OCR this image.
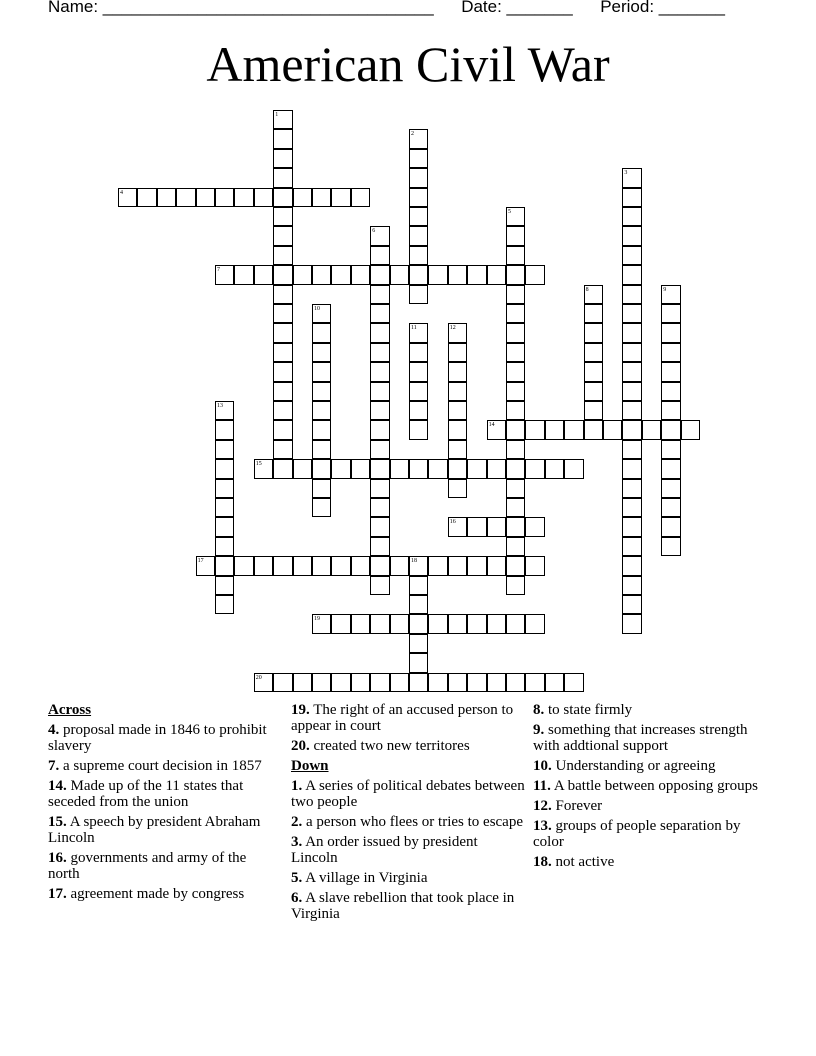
Name: ___________________________________ Date: _______ Period: _______
American Civil War
1
2
3
4
5
6
7
8	9
10
11	12
13
14
15
16
17	18
19
20
Across
4. proposal made in 1846 to prohibit slavery
7. a supreme court decision in 1857
14. Made up of the 11 states that seceded from the union
15. A speech by president Abraham Lincoln
16. governments and army of the north
17. agreement made by congress
19. The right of an accused person to appear in court
20. created two new territores
Down
1. A series of political debates between two people
2. a person who flees or tries to escape
3. An order issued by president Lincoln
5. A village in Virginia
6. A slave rebellion that took place in Virginia
8. to state firmly
9. something that increases strength with addtional support
10. Understanding or agreeing
11. A battle between opposing groups
12. Forever
13. groups of people separation by color
18. not active
